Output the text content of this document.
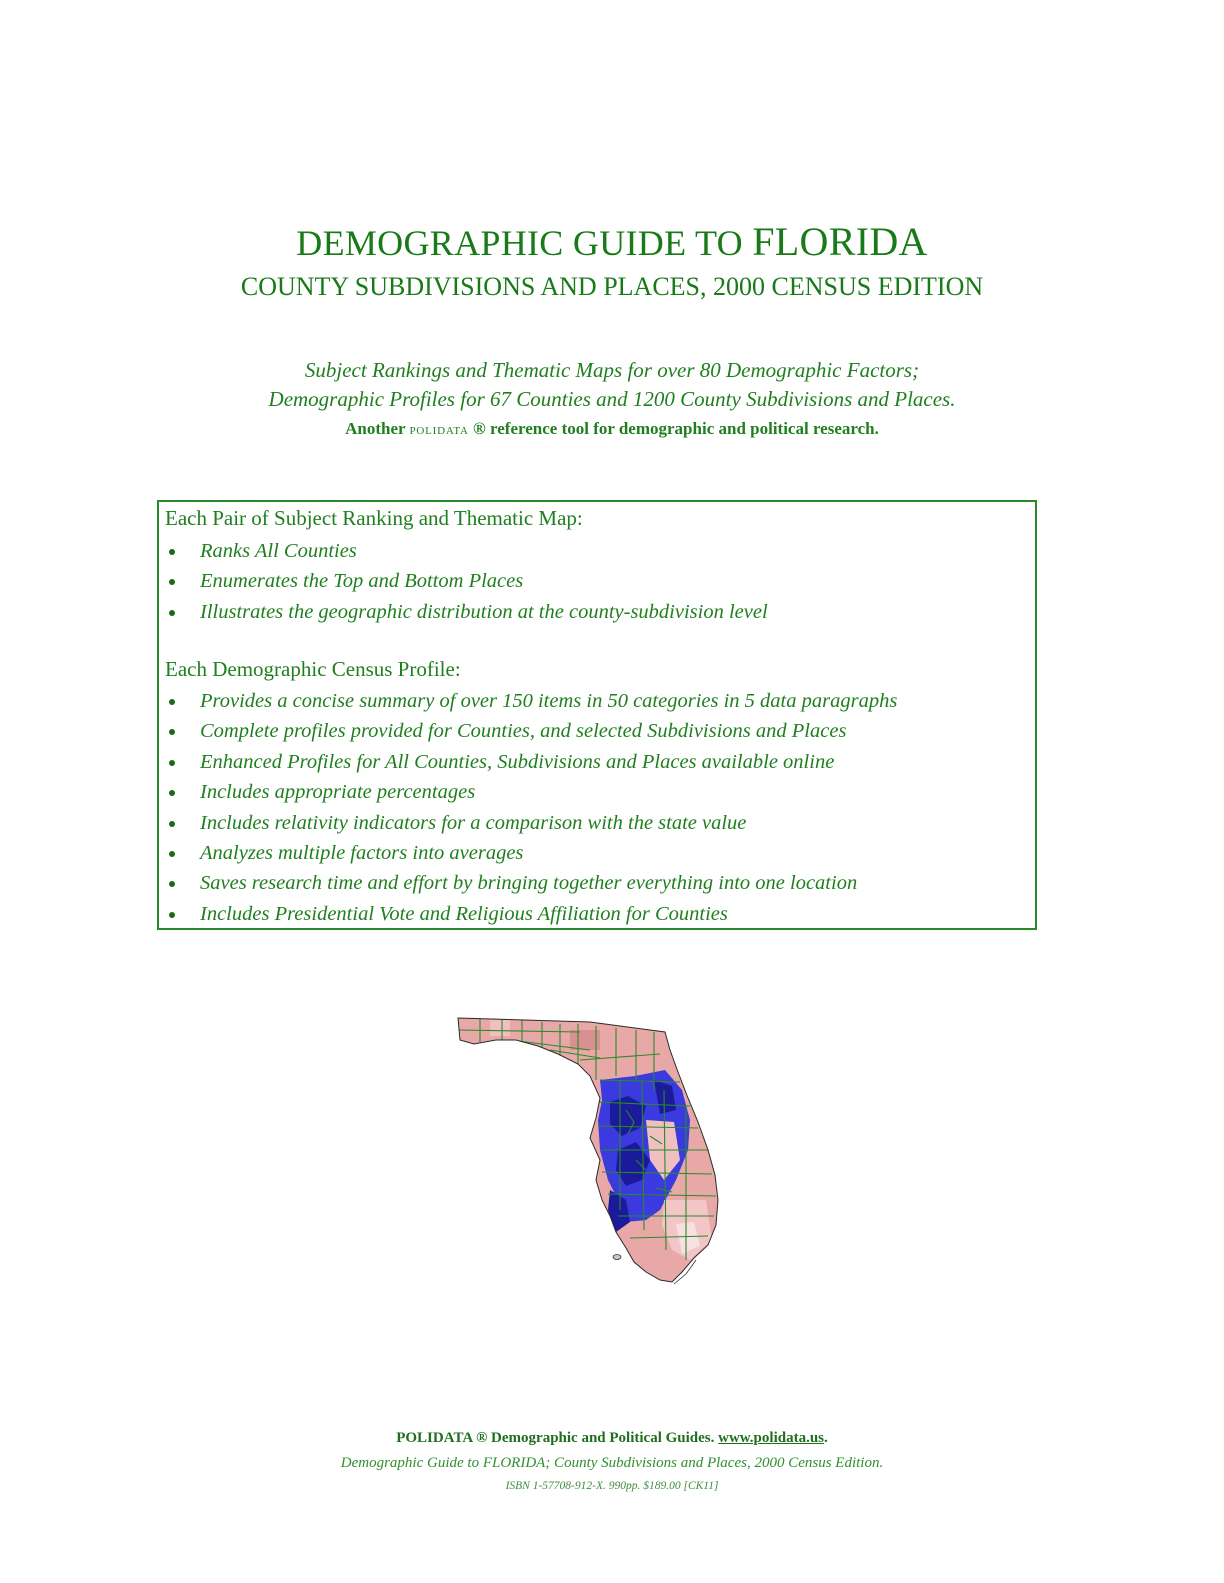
DEMOGRAPHIC GUIDE TO FLORIDA
COUNTY SUBDIVISIONS AND PLACES, 2000 CENSUS EDITION
Subject Rankings and Thematic Maps for over 80 Demographic Factors;
Demographic Profiles for 67 Counties and 1200 County Subdivisions and Places.
Another POLIDATA ® reference tool for demographic and political research.
Each Pair of Subject Ranking and Thematic Map:
Ranks All Counties
Enumerates the Top and Bottom Places
Illustrates the geographic distribution at the county-subdivision level
Each Demographic Census Profile:
Provides a concise summary of over 150 items in 50 categories in 5 data paragraphs
Complete profiles provided for Counties, and selected Subdivisions and Places
Enhanced Profiles for All Counties, Subdivisions and Places available online
Includes appropriate percentages
Includes relativity indicators for a comparison with the state value
Analyzes multiple factors into averages
Saves research time and effort by bringing together everything into one location
Includes Presidential Vote and Religious Affiliation for Counties
POLIDATA ® Demographic and Political Guides. www.polidata.us.
Demographic Guide to FLORIDA; County Subdivisions and Places, 2000 Census Edition.
ISBN 1-57708-912-X. 990pp. $189.00 [CK11]
